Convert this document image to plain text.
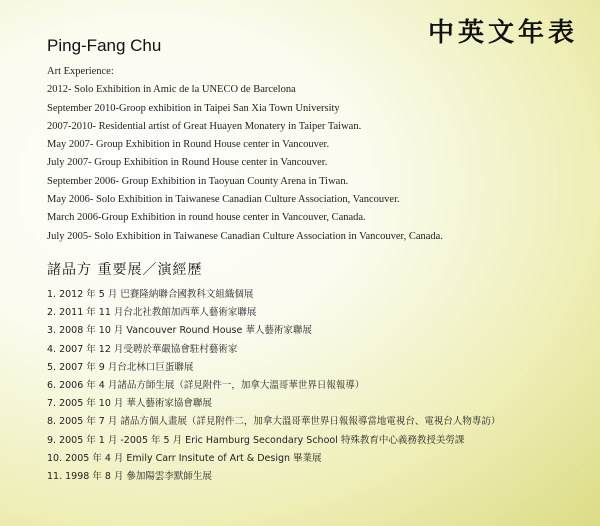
中英文年表
Ping-Fang Chu
Art Experience:
2012- Solo Exhibition in Amic de la UNECO de Barcelona
September 2010-Groop exhibition in Taipei San Xia Town University
2007-2010- Residential artist of Great Huayen Monatery in Taiper Taiwan.
May 2007- Group Exhibition in Round House center in Vancouver.
July 2007- Group Exhibition in Round House center in Vancouver.
September 2006- Group Exhibition in Taoyuan County Arena in Tiwan.
May 2006- Solo Exhibition in Taiwanese Canadian Culture Association, Vancouver.
March 2006-Group Exhibition in round house center in Vancouver, Canada.
July 2005- Solo Exhibition in Taiwanese Canadian Culture Association in Vancouver, Canada.
諸品方 重要展／演經歷
1. 2012 年 5 月 巴賽隆納聯合國教科文組織個展
2. 2011 年 11 月台北社教館加西華人藝術家聯展
3. 2008 年 10 月 Vancouver Round House 華人藝術家聯展
4. 2007 年 12 月受聘於華嚴協會駐村藝術家
5. 2007 年 9 月台北林口巨蛋聯展
6. 2006 年 4 月諸品方師生展（詳見附件一，加拿大溫哥華世界日報報導）
7. 2005 年 10 月 華人藝術家協會聯展
8. 2005 年 7 月 諸品方個人畫展（詳見附件二，加拿大溫哥華世界日報報導當地電視台、電視台人物專訪）
9. 2005 年 1 月 -2005 年 5 月 Eric Hamburg Secondary School 特殊教育中心義務教授美勞課
10. 2005 年 4 月 Emily Carr Insitute of Art & Design 畢業展
11. 1998 年 8 月 參加陽雲李默師生展
